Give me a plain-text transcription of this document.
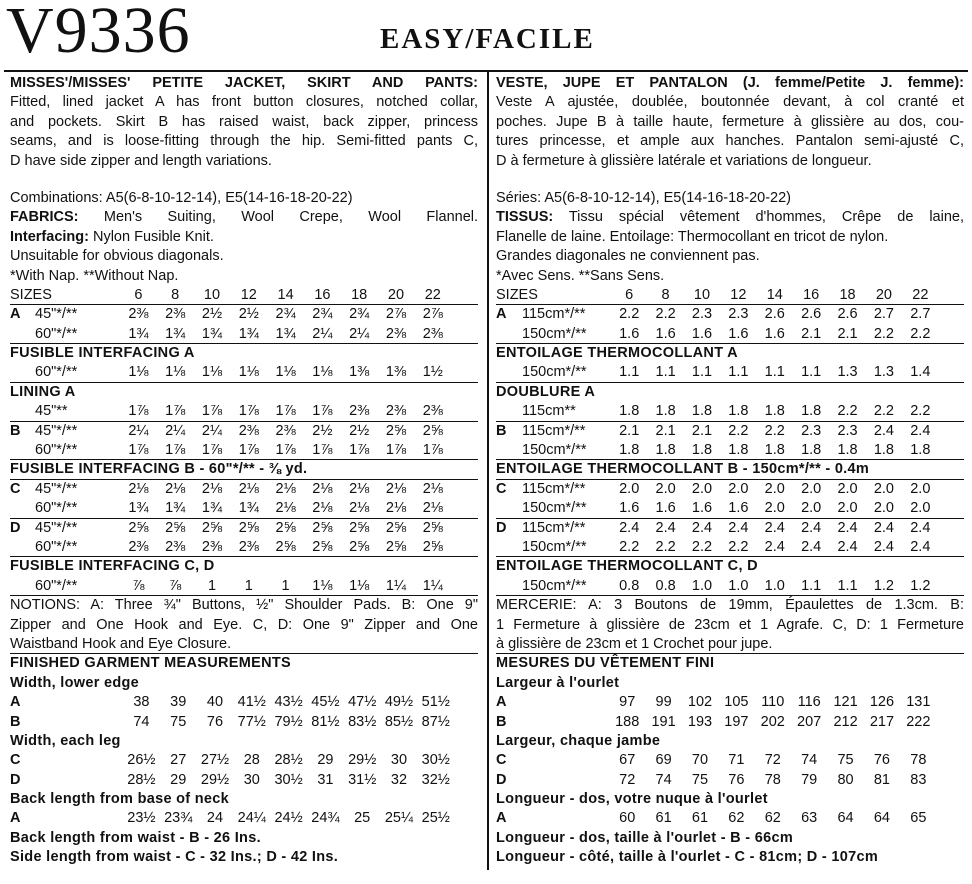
V9336	EASY/FACILE
MISSES'/MISSES' PETITE JACKET, SKIRT AND PANTS:
Fitted, lined jacket A has front button closures, notched collar,
and pockets. Skirt B has raised waist, back zipper, princess
seams, and is loose-fitting through the hip. Semi-fitted pants C,
D have side zipper and length variations.
Combinations: A5(6-8-10-12-14), E5(14-16-18-20-22)
FABRICS: Men's Suiting, Wool Crepe, Wool Flannel.
Interfacing: Nylon Fusible Knit.
Unsuitable for obvious diagonals.
*With Nap. **Without Nap.
SIZES	6	8	10	12	14	16	18	20	22
A	45"*/**	2⅜	2⅜	2½	2½	2¾	2¾	2¾	2⅞	2⅞
60"*/**	1¾	1¾	1¾	1¾	1¾	2¼	2¼	2⅜	2⅜
FUSIBLE INTERFACING A
60"*/**	1⅛	1⅛	1⅛	1⅛	1⅛	1⅛	1⅜	1⅜	1½
LINING A
45"**	1⅞	1⅞	1⅞	1⅞	1⅞	1⅞	2⅜	2⅜	2⅜
B	45"*/**	2¼	2¼	2¼	2⅜	2⅜	2½	2½	2⅝	2⅝
60"*/**	1⅞	1⅞	1⅞	1⅞	1⅞	1⅞	1⅞	1⅞	1⅞
FUSIBLE INTERFACING B - 60"*/** - ⅜ yd.
C	45"*/**	2⅛	2⅛	2⅛	2⅛	2⅛	2⅛	2⅛	2⅛	2⅛
60"*/**	1¾	1¾	1¾	1¾	2⅛	2⅛	2⅛	2⅛	2⅛
D	45"*/**	2⅝	2⅝	2⅝	2⅝	2⅝	2⅝	2⅝	2⅝	2⅝
60"*/**	2⅜	2⅜	2⅜	2⅜	2⅝	2⅝	2⅝	2⅝	2⅝
FUSIBLE INTERFACING C, D
60"*/**	⅞	⅞	1	1	1	1⅛	1⅛	1¼	1¼
NOTIONS: A: Three ¾" Buttons, ½" Shoulder Pads. B: One 9"
Zipper and One Hook and Eye. C, D: One 9" Zipper and One
Waistband Hook and Eye Closure.
FINISHED GARMENT MEASUREMENTS
Width, lower edge
A	38	39	40	41½ 43½ 45½ 47½ 49½ 51½
B	74	75	76	77½ 79½ 81½ 83½ 85½ 87½
Width, each leg
C	26½	27	27½	28	28½	29	29½	30	30½
D	28½	29	29½	30	30½	31	31½	32	32½
Back length from base of neck
A	23½ 23¾	24	24¼ 24½ 24¾	25	25¼ 25½
Back length from waist - B - 26 Ins.
Side length from waist - C - 32 Ins.; D - 42 Ins.
VESTE, JUPE ET PANTALON (J. femme/Petite J. femme):
Veste A ajustée, doublée, boutonnée devant, à col cranté et
poches. Jupe B à taille haute, fermeture à glissière au dos, cou-
tures princesse, et ample aux hanches. Pantalon semi-ajusté C,
D à fermeture à glissière latérale et variations de longueur.
Séries: A5(6-8-10-12-14), E5(14-16-18-20-22)
TISSUS: Tissu spécial vêtement d'hommes, Crêpe de laine,
Flanelle de laine. Entoilage: Thermocollant en tricot de nylon.
Grandes diagonales ne conviennent pas.
*Avec Sens. **Sans Sens.
SIZES	6	8	10	12	14	16	18	20	22
A	115cm*/**	2.2	2.2	2.3	2.3	2.6	2.6	2.6	2.7	2.7
150cm*/**	1.6	1.6	1.6	1.6	1.6	2.1	2.1	2.2	2.2
ENTOILAGE THERMOCOLLANT A
150cm*/**	1.1	1.1	1.1	1.1	1.1	1.1	1.3	1.3	1.4
DOUBLURE A
115cm**	1.8	1.8	1.8	1.8	1.8	1.8	2.2	2.2	2.2
B	115cm*/**	2.1	2.1	2.1	2.2	2.2	2.3	2.3	2.4	2.4
150cm*/**	1.8	1.8	1.8	1.8	1.8	1.8	1.8	1.8	1.8
ENTOILAGE THERMOCOLLANT B - 150cm*/** - 0.4m
C	115cm*/**	2.0	2.0	2.0	2.0	2.0	2.0	2.0	2.0	2.0
150cm*/**	1.6	1.6	1.6	1.6	2.0	2.0	2.0	2.0	2.0
D	115cm*/**	2.4	2.4	2.4	2.4	2.4	2.4	2.4	2.4	2.4
150cm*/**	2.2	2.2	2.2	2.2	2.4	2.4	2.4	2.4	2.4
ENTOILAGE THERMOCOLLANT C, D
150cm*/**	0.8	0.8	1.0	1.0	1.0	1.1	1.1	1.2	1.2
MERCERIE: A: 3 Boutons de 19mm, Épaulettes de 1.3cm. B:
1 Fermeture à glissière de 23cm et 1 Agrafe. C, D: 1 Fermeture
à glissière de 23cm et 1 Crochet pour jupe.
MESURES DU VÊTEMENT FINI
Largeur à l'ourlet
A	97	99	102 105 110 116 121 126 131
B	188 191 193 197 202 207 212 217 222
Largeur, chaque jambe
C	67	69	70	71	72	74	75	76	78
D	72	74	75	76	78	79	80	81	83
Longueur - dos, votre nuque à l'ourlet
A	60	61	61	62	62	63	64	64	65
Longueur - dos, taille à l'ourlet - B - 66cm
Longueur - côté, taille à l'ourlet - C - 81cm; D - 107cm
